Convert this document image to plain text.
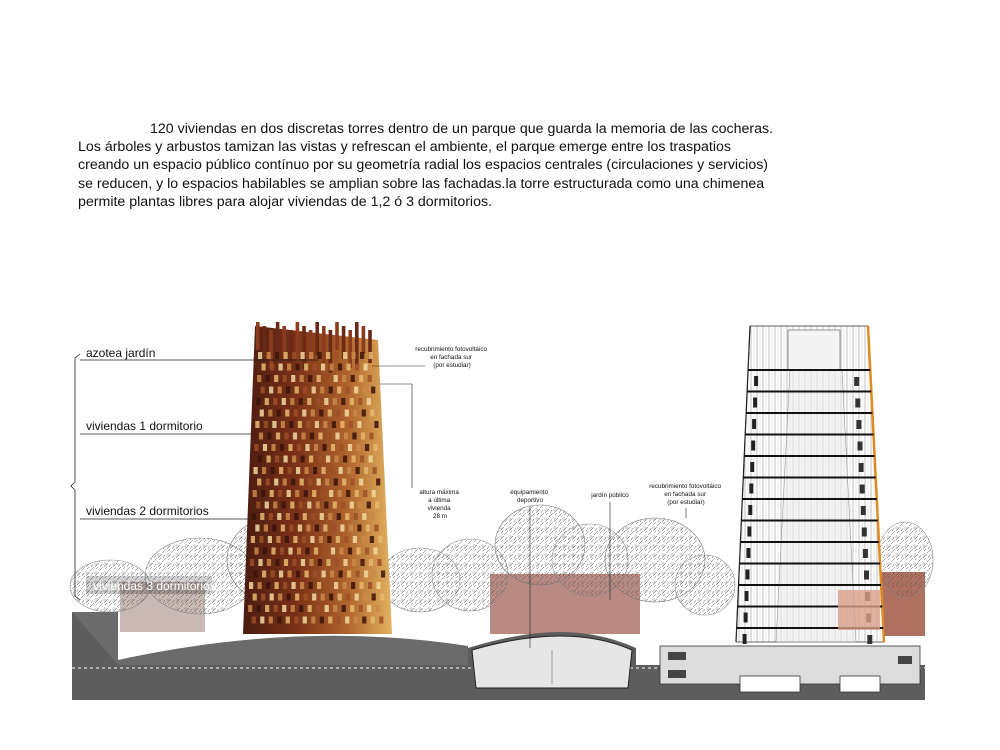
120 viviendas en dos discretas torres dentro de un parque que guarda la memoria de las cocheras.
Los árboles y arbustos tamizan las vistas y refrescan el ambiente, el parque emerge entre los traspatios
creando un espacio público contínuo por su geometría radial los espacios centrales (circulaciones y servicios)
se reducen, y lo espacios habilables se amplian sobre las fachadas.la torre estructurada como una chimenea
permite plantas libres para alojar viviendas de 1,2 ó 3 dormitorios.

azotea jardín
viviendas 1 dormitorio
viviendas 2 dormitorios
viviendas 3 dormitorios
recubrimiento fotovoltáico en fachada sur (por estudiar)
altura máxima a última vivienda 28 m
equipamiento deportivo
jardín público
recubrimiento fotovoltáico en fachada sur (por estudiar)
